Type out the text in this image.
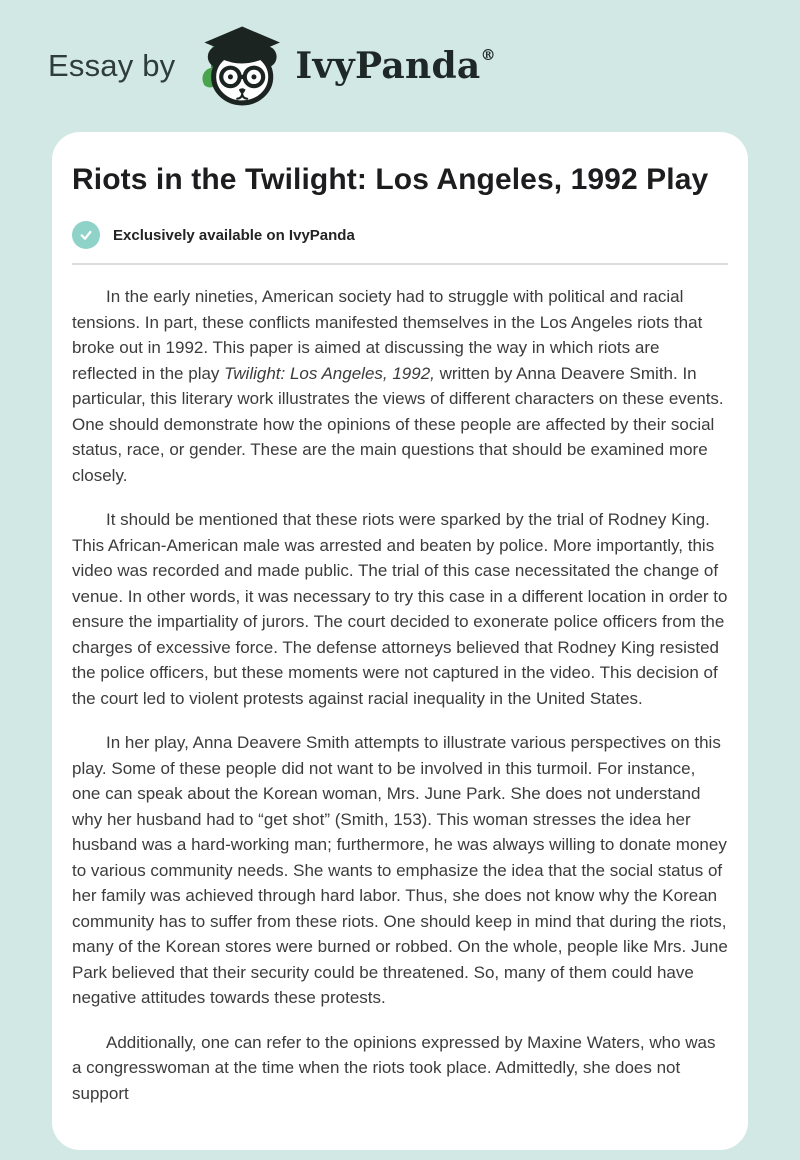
Essay by	IvyPanda®
Riots in the Twilight: Los Angeles, 1992 Play
Exclusively available on IvyPanda

In the early nineties, American society had to struggle with political and racial tensions. In part, these conflicts manifested themselves in the Los Angeles riots that broke out in 1992. This paper is aimed at discussing the way in which riots are reflected in the play Twilight: Los Angeles, 1992, written by Anna Deavere Smith. In particular, this literary work illustrates the views of different characters on these events. One should demonstrate how the opinions of these people are affected by their social status, race, or gender. These are the main questions that should be examined more closely.

It should be mentioned that these riots were sparked by the trial of Rodney King. This African-American male was arrested and beaten by police. More importantly, this video was recorded and made public. The trial of this case necessitated the change of venue. In other words, it was necessary to try this case in a different location in order to ensure the impartiality of jurors. The court decided to exonerate police officers from the charges of excessive force. The defense attorneys believed that Rodney King resisted the police officers, but these moments were not captured in the video. This decision of the court led to violent protests against racial inequality in the United States.

In her play, Anna Deavere Smith attempts to illustrate various perspectives on this play. Some of these people did not want to be involved in this turmoil. For instance, one can speak about the Korean woman, Mrs. June Park. She does not understand why her husband had to “get shot” (Smith, 153). This woman stresses the idea her husband was a hard-working man; furthermore, he was always willing to donate money to various community needs. She wants to emphasize the idea that the social status of her family was achieved through hard labor. Thus, she does not know why the Korean community has to suffer from these riots. One should keep in mind that during the riots, many of the Korean stores were burned or robbed. On the whole, people like Mrs. June Park believed that their security could be threatened. So, many of them could have negative attitudes towards these protests.

Additionally, one can refer to the opinions expressed by Maxine Waters, who was a congresswoman at the time when the riots took place. Admittedly, she does not support
